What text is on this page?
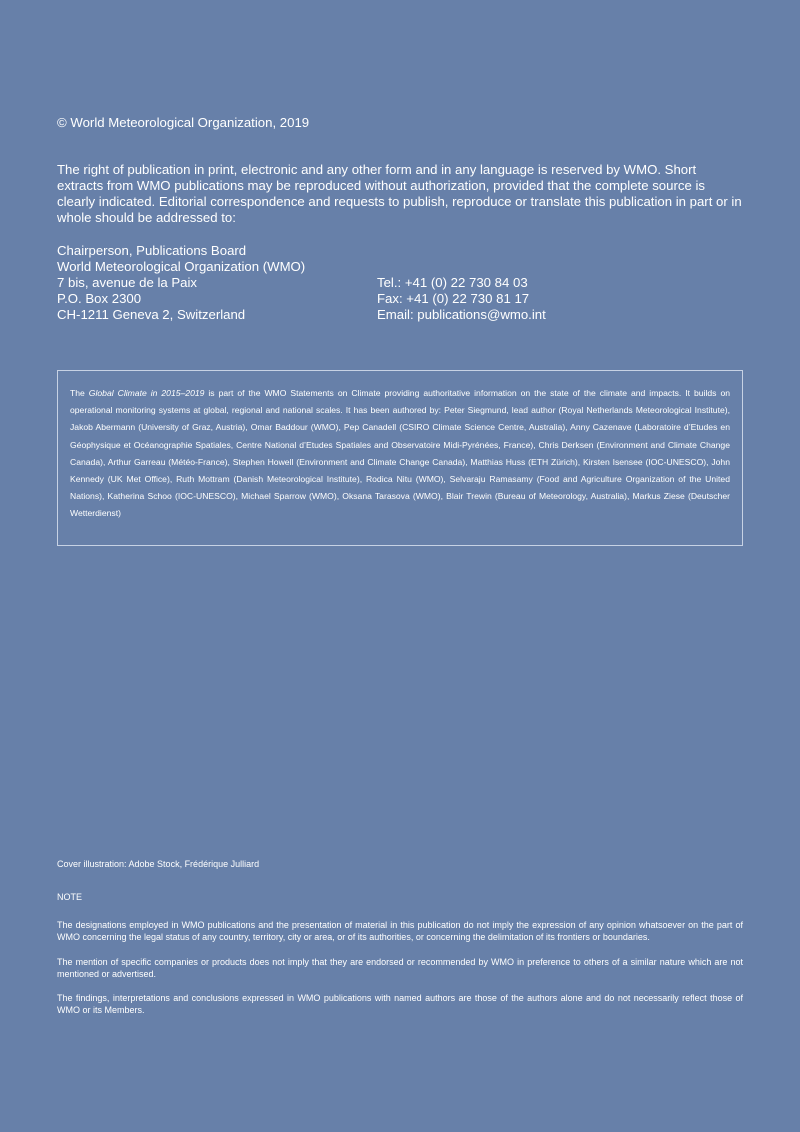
© World Meteorological Organization, 2019

The right of publication in print, electronic and any other form and in any language is reserved by WMO. Short extracts from WMO publications may be reproduced without authorization, provided that the complete source is clearly indicated. Editorial correspondence and requests to publish, reproduce or translate this publication in part or in whole should be addressed to:

Chairperson, Publications Board
World Meteorological Organization (WMO)
7 bis, avenue de la Paix
P.O. Box 2300
CH-1211 Geneva 2, Switzerland
Tel.: +41 (0) 22 730 84 03
Fax: +41 (0) 22 730 81 17
Email: publications@wmo.int
The Global Climate in 2015–2019 is part of the WMO Statements on Climate providing authoritative information on the state of the climate and impacts. It builds on operational monitoring systems at global, regional and national scales. It has been authored by: Peter Siegmund, lead author (Royal Netherlands Meteorological Institute), Jakob Abermann (University of Graz, Austria), Omar Baddour (WMO), Pep Canadell (CSIRO Climate Science Centre, Australia), Anny Cazenave (Laboratoire d’Etudes en Géophysique et Océanographie Spatiales, Centre National d’Etudes Spatiales and Observatoire Midi-Pyrénées, France), Chris Derksen (Environment and Climate Change Canada), Arthur Garreau (Météo-France), Stephen Howell (Environment and Climate Change Canada), Matthias Huss (ETH Zürich), Kirsten Isensee (IOC-UNESCO), John Kennedy (UK Met Office), Ruth Mottram (Danish Meteorological Institute), Rodica Nitu (WMO), Selvaraju Ramasamy (Food and Agriculture Organization of the United Nations), Katherina Schoo (IOC-UNESCO), Michael Sparrow (WMO), Oksana Tarasova (WMO), Blair Trewin (Bureau of Meteorology, Australia), Markus Ziese (Deutscher Wetterdienst)

Cover illustration: Adobe Stock, Frédérique Julliard

NOTE

The designations employed in WMO publications and the presentation of material in this publication do not imply the expression of any opinion whatsoever on the part of WMO concerning the legal status of any country, territory, city or area, or of its authorities, or concerning the delimitation of its frontiers or boundaries.

The mention of specific companies or products does not imply that they are endorsed or recommended by WMO in preference to others of a similar nature which are not mentioned or advertised.

The findings, interpretations and conclusions expressed in WMO publications with named authors are those of the authors alone and do not necessarily reflect those of WMO or its Members.
